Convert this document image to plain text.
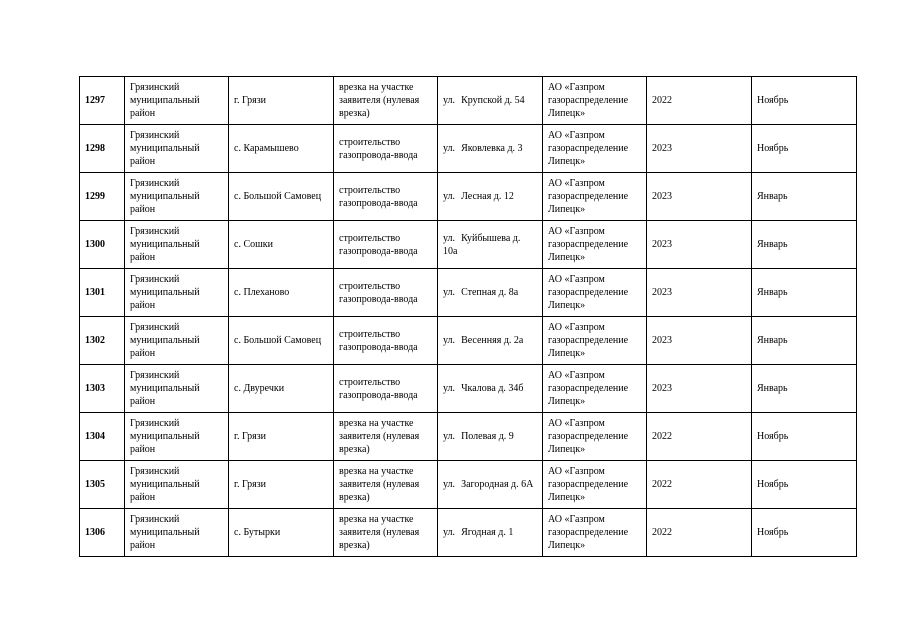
1297	Грязинский муниципальный район	г. Грязи	врезка на участке заявителя (нулевая врезка)	ул. Крупской д. 54	АО «Газпром газораспределение Липецк»	2022	Ноябрь
1298	Грязинский муниципальный район	с. Карамышево	строительство газопровода-ввода	ул. Яковлевка д. 3	АО «Газпром газораспределение Липецк»	2023	Ноябрь
1299	Грязинский муниципальный район	с. Большой Самовец	строительство газопровода-ввода	ул. Лесная д. 12	АО «Газпром газораспределение Липецк»	2023	Январь
1300	Грязинский муниципальный район	с. Сошки	строительство газопровода-ввода	ул. Куйбышева д. 10а	АО «Газпром газораспределение Липецк»	2023	Январь
1301	Грязинский муниципальный район	с. Плеханово	строительство газопровода-ввода	ул. Степная д. 8а	АО «Газпром газораспределение Липецк»	2023	Январь
1302	Грязинский муниципальный район	с. Большой Самовец	строительство газопровода-ввода	ул. Весенняя д. 2а	АО «Газпром газораспределение Липецк»	2023	Январь
1303	Грязинский муниципальный район	с. Двуречки	строительство газопровода-ввода	ул. Чкалова д. 34б	АО «Газпром газораспределение Липецк»	2023	Январь
1304	Грязинский муниципальный район	г. Грязи	врезка на участке заявителя (нулевая врезка)	ул. Полевая д. 9	АО «Газпром газораспределение Липецк»	2022	Ноябрь
1305	Грязинский муниципальный район	г. Грязи	врезка на участке заявителя (нулевая врезка)	ул. Загородная д. 6А	АО «Газпром газораспределение Липецк»	2022	Ноябрь
1306	Грязинский муниципальный район	с. Бутырки	врезка на участке заявителя (нулевая врезка)	ул. Ягодная д. 1	АО «Газпром газораспределение Липецк»	2022	Ноябрь
